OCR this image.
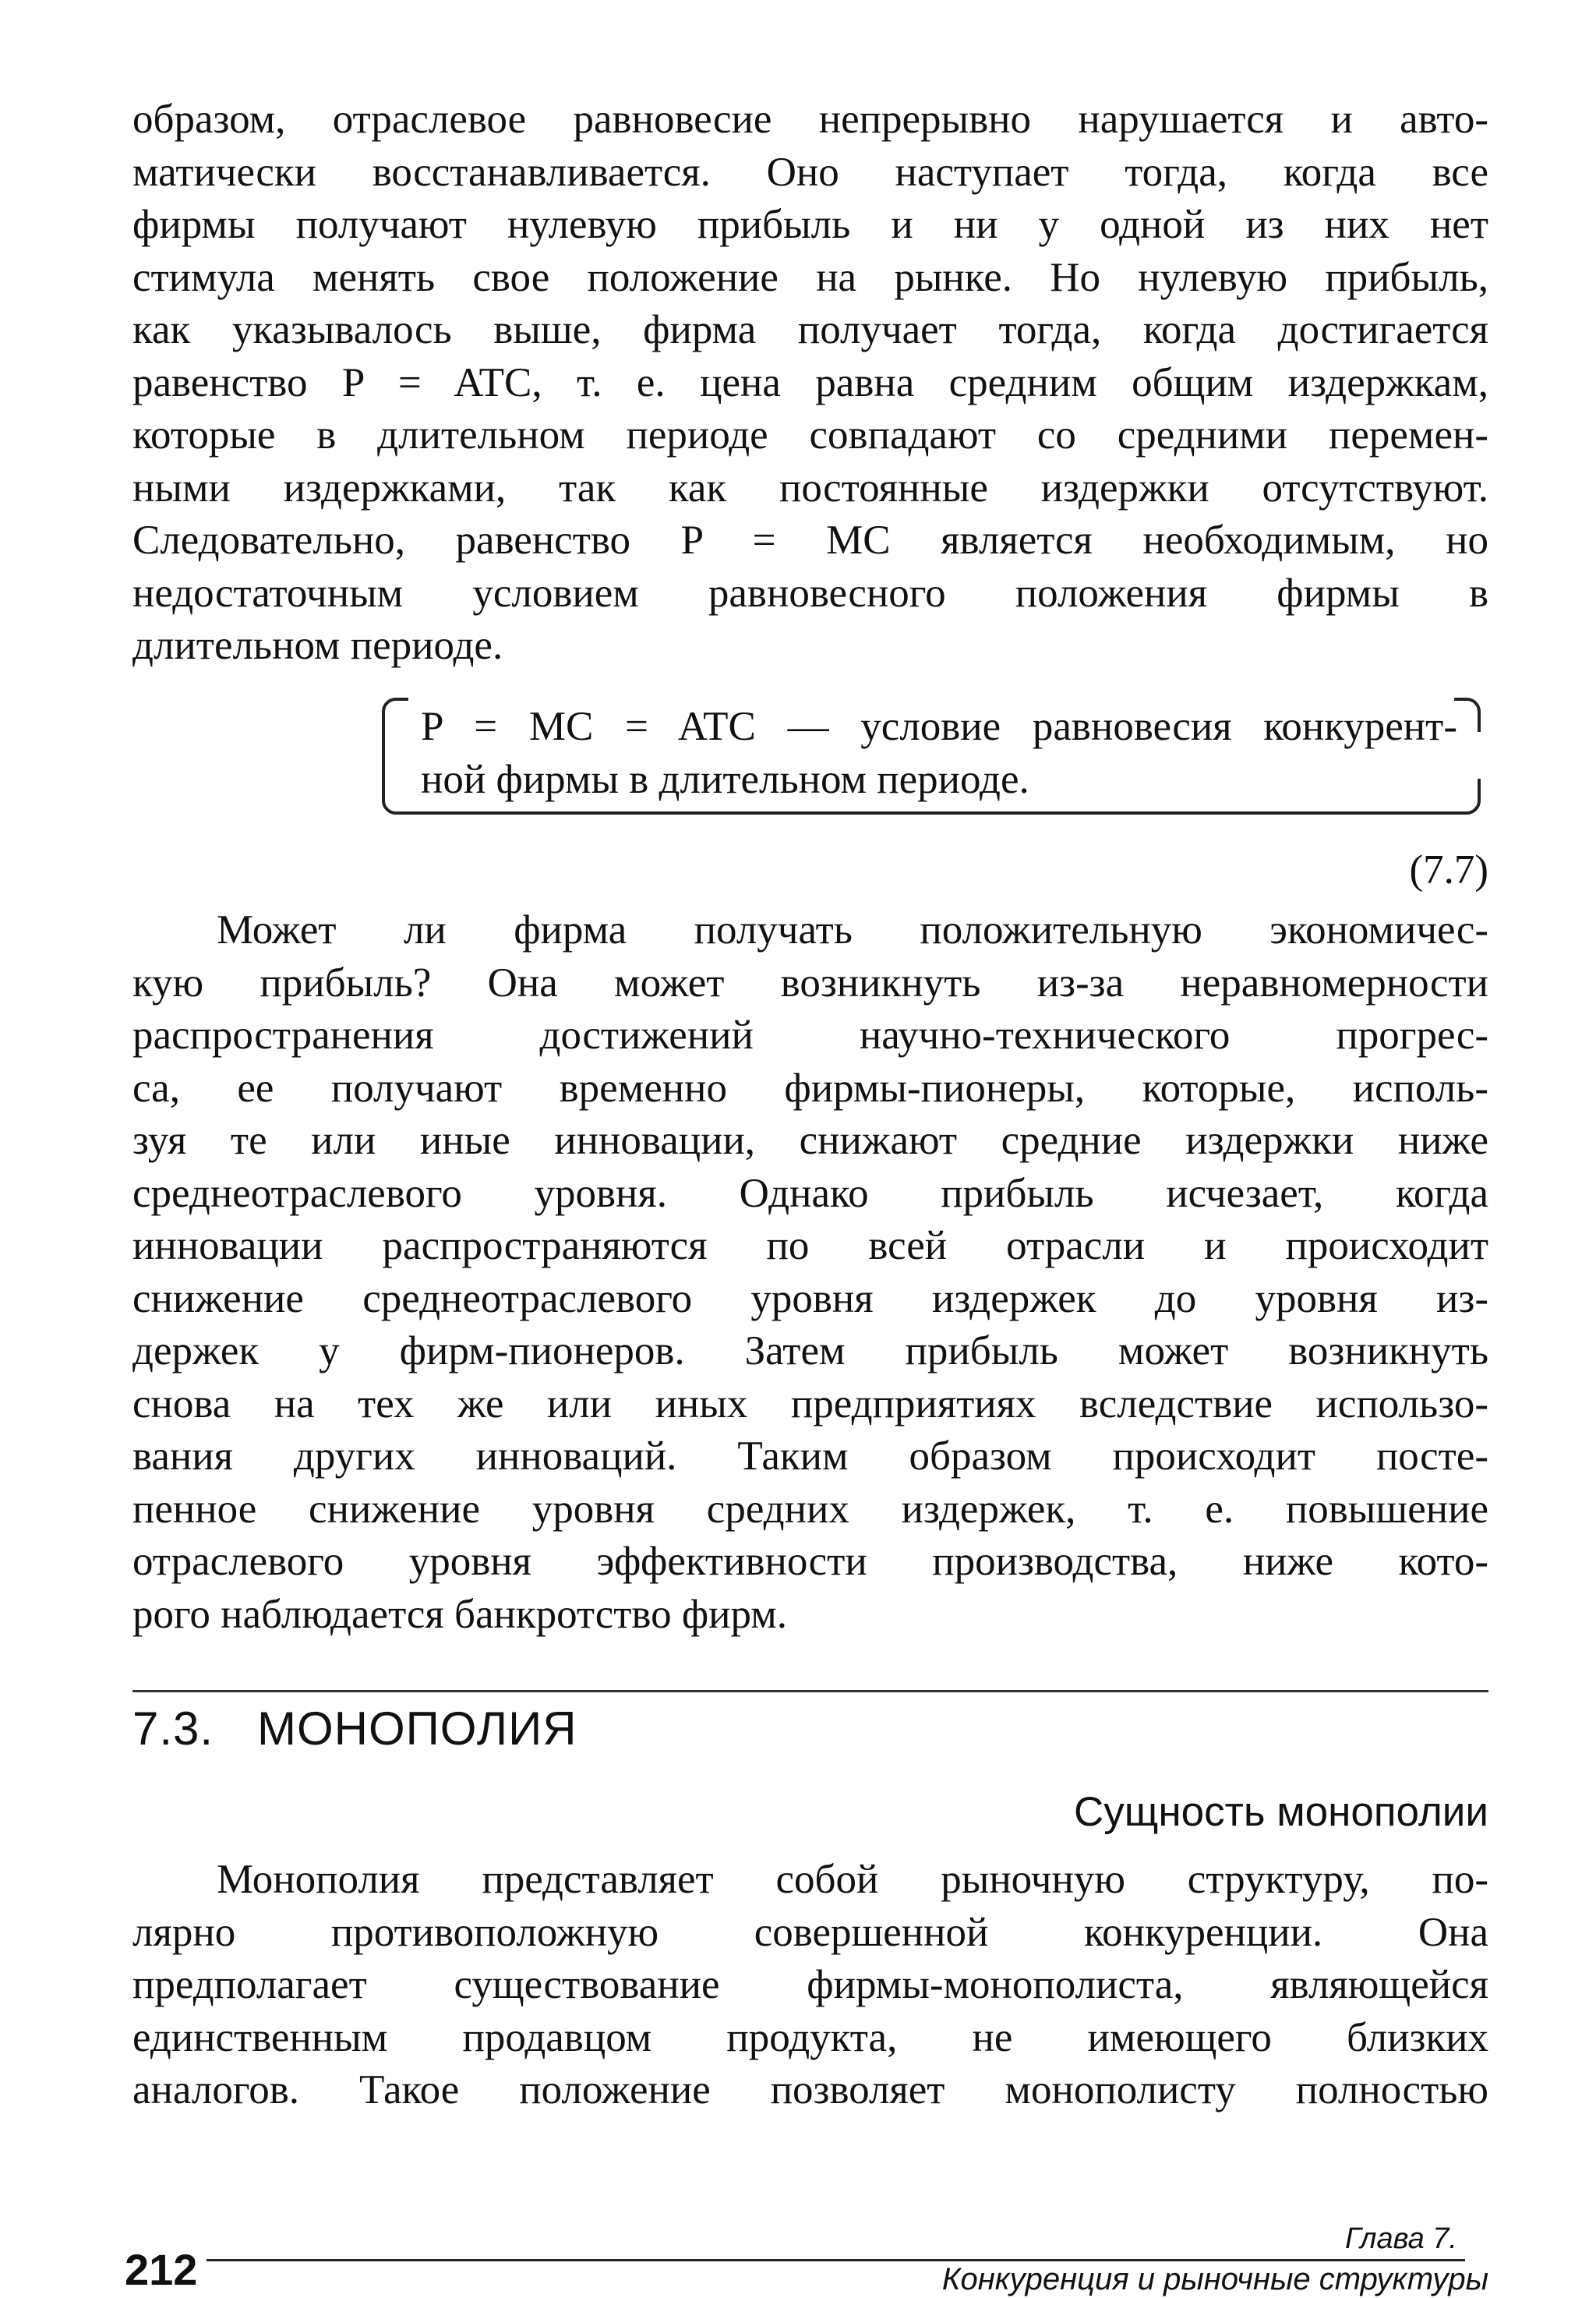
образом, отраслевое равновесие непрерывно нарушается и авто-
матически восстанавливается. Оно наступает тогда, когда все
фирмы получают нулевую прибыль и ни у одной из них нет
стимула менять свое положение на рынке. Но нулевую прибыль,
как указывалось выше, фирма получает тогда, когда достигается
равенство P = ATC, т. е. цена равна средним общим издержкам,
которые в длительном периоде совпадают со средними перемен-
ными издержками, так как постоянные издержки отсутствуют.
Следовательно, равенство P = MC является необходимым, но
недостаточным условием равновесного положения фирмы в
длительном периоде.
P = MC = ATC — условие равновесия конкурент-
ной фирмы в длительном периоде.
(7.7)
Может ли фирма получать положительную экономичес-
кую прибыль? Она может возникнуть из-за неравномерности
распространения достижений научно-технического прогрес-
са, ее получают временно фирмы-пионеры, которые, исполь-
зуя те или иные инновации, снижают средние издержки ниже
среднеотраслевого уровня. Однако прибыль исчезает, когда
инновации распространяются по всей отрасли и происходит
снижение среднеотраслевого уровня издержек до уровня из-
держек у фирм-пионеров. Затем прибыль может возникнуть
снова на тех же или иных предприятиях вследствие использо-
вания других инноваций. Таким образом происходит посте-
пенное снижение уровня средних издержек, т. е. повышение
отраслевого уровня эффективности производства, ниже кото-
рого наблюдается банкротство фирм.
7.3. МОНОПОЛИЯ
Сущность монополии
Монополия представляет собой рыночную структуру, по-
лярно противоположную совершенной конкуренции. Она
предполагает существование фирмы-монополиста, являющейся
единственным продавцом продукта, не имеющего близких
аналогов. Такое положение позволяет монополисту полностью
Глава 7.
212	Конкуренция и рыночные структуры
